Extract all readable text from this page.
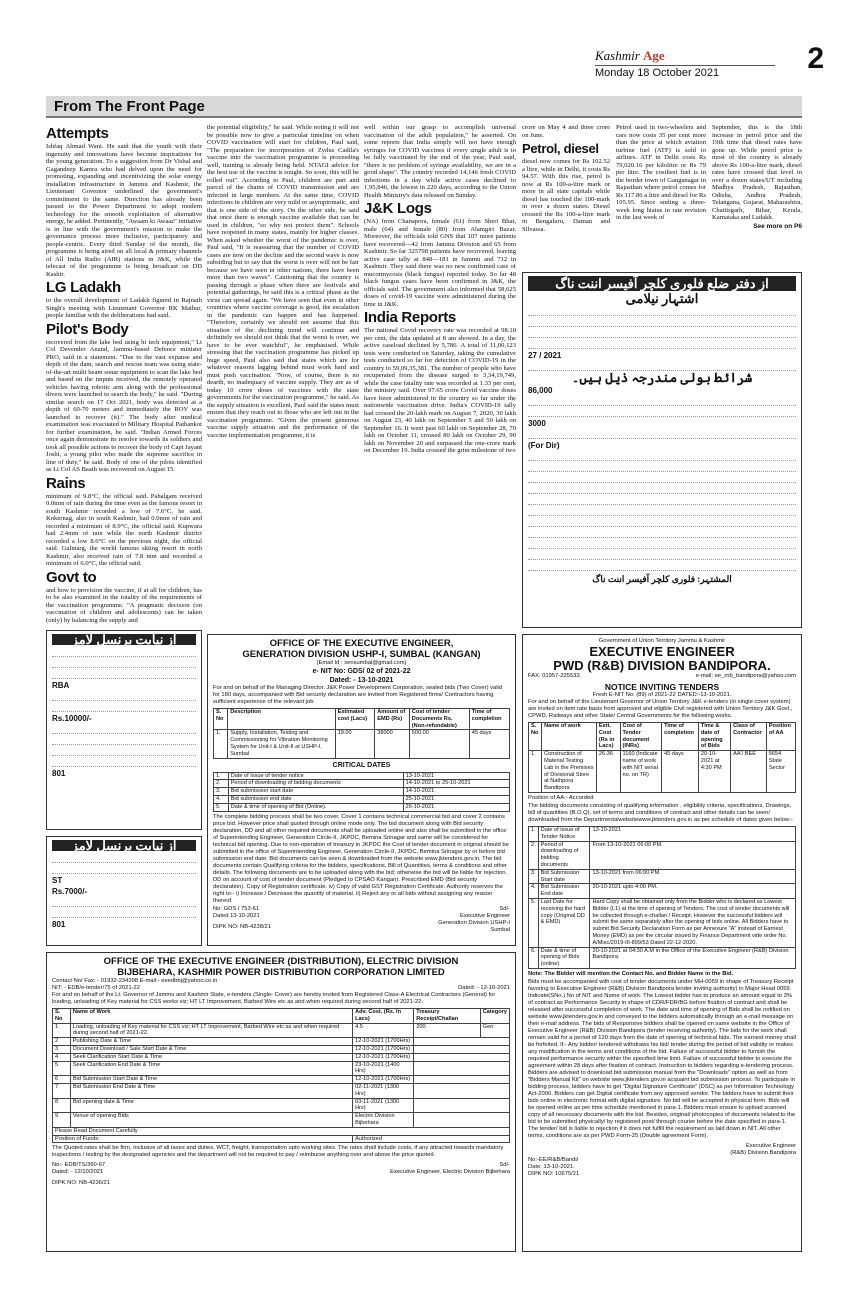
Kashmir Age
Monday 18 October 2021	2
From The Front Page
Attempts

Ishfaq Ahmad Wani. He said that the youth with their ingenuity and innovations have become inspirations for the young generation. To a suggestion from Dr Vishal and Gagandeep Kamra who had delved upon the need for promoting, expanding and incentivizing the solar energy installation infrastructure in Jammu and Kashmir, the Lieutenant Governor underlined the government's commitment to the same. Direction has already been passed to the Power Department to adopt modern technology for the smooth exploitation of alternative energy, he added. Pertinently, "Awaam ki Awaaz" initiative is in line with the government's mission to make the governance process more inclusive, participatory and people-centric. Every third Sunday of the month, the programme is being aired on all local & primary channels of All India Radio (AIR) stations in J&K, while the telecast of the programme is being broadcast on DD Kashir.

LG Ladakh

to the overall development of Ladakh figured in Rajnath Singh's meeting with Lieutenant Governor RK Mathur, people familiar with the deliberations had said.

Pilot's Body

recovered from the lake bed using hi tech equipment," Lt Col Devender Anand, Jammu-based Defence minister PRO, said in a statement. "Due to the vast expanse and depth of the dam, search and rescue team was using state-of-the-art multi beam sonar equipment to scan the lake bed and based on the imputs received, the remotely operated vehicles having robotic arm along with the professional divers were launched to search the body," he said. "During similar search on 17 Oct 2021, body was detected at a depth of 60-70 meters and immediately the ROV was launched to recover (it)." The body after medical examination was evacuated to Military Hospital Pathankot for further examination, he said. "Indian Armed Forces once again demonstrate its resolve towards its soldiers and took all possible actions to recover the body of Capt Jayant Joshi, a young pilot who made the supreme sacrifice in line of duty," he said. Body of one of the pilots identified as Lt Col AS Baath was recovered on August 15.

Rains

minimum of 9.8°C, the official said. Pahalgam received 0.0mm of rain during the time even as the famous resort in south Kashmir recorded a low of 7.6°C, he said. Kokernag, also in south Kashmir, had 0.0mm of rain and recorded a minimum of 8.9°C, the official said. Kupwara had 2.4mm of rain while the north Kashmir district recorded a low 8.6°C on the previous night, the official said. Gulmarg, the world famous skiing resort in north Kashmir, also received rain of 7.8 mm and recorded a minimum of 6.0°C, the official said.

Govt to

and how to provision the vaccine, if at all for children, has to be also examined in the totality of the requirements of the vaccination programme. "A pragmatic decision (on vaccination of children and adolescents) can be taken (only) by balancing the supply and

the potential eligibility," he said. While noting it will not be possible now to give a particular timeline on when COVID vaccination will start for children, Paul said, "The preparation for incorporation of Zydus Cadila's vaccine into the vaccination programme is proceeding well, training is already being held. NTAGI advice for the best use of the vaccine is sought. So soon, this will be rolled out". According to Paul, children are part and parcel of the chains of COVID transmission and are infected in large numbers. At the same time, COVID infections in children are very mild or asymptomatic, and that is one side of the story. On the other side, he said that once there is enough vaccine available that can be used in children, "so why not protect them". Schools have reopened in many states, mainly for higher classes. When asked whether the worst of the pandemic is over, Paul said, "It is reassuring that the number of COVID cases are now on the decline and the second wave is now subsiding but to say that the worst is over will not be fair because we have seen in other nations, there have been more than two waves". Cautioning that the country is passing through a phase when there are festivals and potential gatherings, he said this is a critical phase as the virus can spread again. "We have seen that even in other countries where vaccine coverage is good, the escalation in the pandemic can happen and has happened. "Therefore, certainly we should not assume that this situation of the declining trend will continue and definitely we should not think that the worst is over, we have to be ever watchful", he emphasised. While stressing that the vaccination programme has picked up huge speed, Paul also said that states which are for whatever reasons lagging behind must work hard and must push vaccination. "Now, of course, there is no dearth, no inadequacy of vaccine supply. They are as of today 10 crore doses of vaccines with the state governments for the vaccination programme," he said. As the supply situation is excellent, Paul said the states must ensure that they reach out to those who are left out in the vaccination programme. "Given the present generous vaccine supply situation and the performance of the vaccine implementation programme, it is

well within our grasp to accomplish universal vaccination of the adult population," he asserted. On some reports that India simply will not have enough syringes for COVID vaccines if every single adult is to be fully vaccinated by the end of the year, Paul said, "there is no problem of syringe availability, we are in a good shape". The country recorded 14,146 fresh COVID infections in a day while active cases declined to 1,95,846, the lowest in 220 days, according to the Union Health Ministry's data released on Sunday.

J&K Logs

(NA) from Chanapora, female (61) from Sheri Bhat, male (64) and female (80) from Alamgiri Bazar. Moreover, the officials told GNS that 107 more patients have recovered—42 from Jammu Division and 65 from Kashmir. So far 325798 patients have recovered, leaving active case tally at 848—181 in Jammu and 712 in Kashmir. They said there was no new confirmed case of mucormycosis (black fungus) reported today. So far 48 black fungus cases have been confirmed in J&K, the officials said. The government also informed that 58,625 doses of covid-19 vaccine were administered during the time in J&K.

India Reports

The national Covid recovery rate was recorded at 98.10 per cent, the data updated at 8 am showed. In a day, the active caseload declined by 5,786. A total of 11,00,123 tests were conducted on Saturday, taking the cumulative tests conducted so far for detection of COVID-19 in the country to 59,09,35,381. The number of people who have recuperated from the disease surged to 3,34,19,749, while the case fatality rate was recorded at 1.33 per cent, the ministry said. Over 97.65 crore Covid vaccine doses have been administered in the country so far under the nationwide vaccination drive. India's COVID-19 tally had crossed the 20-lakh mark on August 7, 2020, 30 lakh on August 23, 40 lakh on September 5 and 50 lakh on September 16. It went past 60 lakh on September 28, 70 lakh on October 11, crossed 80 lakh on October 29, 90 lakh on November 20 and surpassed the one-crore mark on December 19. India crossed the grim milestone of two

crore on May 4 and three crore on June.

Petrol, diesel

diesel now comes for Rs 102.52 a litre, while in Delhi, it costs Rs 94.57. With this rise, petrol is now at Rs 100-a-litre mark or more in all state capitals while diesel has touched the 100-mark in over a dozen states. Diesel crossed the Rs 100-a-litre mark in Bengaluru, Daman and Silvassa.

Petrol used in two-wheelers and cars now costs 35 per cent more than the price at which aviation turbine fuel (ATF) is sold to airlines. ATF in Delhi costs Rs 79,020.16 per kilolitre or Rs 79 per litre. The costliest fuel is in the border town of Ganganagar in Rajasthan where petrol comes for Rs 117.86 a litre and diesel for Rs 105.95. Since ending a three-week long hiatus in rate revision in the last week of

September, this is the 18th increase in petrol price and the 19th time that diesel rates have gone up. While petrol price is most of the country is already above Rs 100-a-litre mark, diesel rates have crossed that level in over a dozen states/UT including Madhya Pradesh, Rajasthan, Odisha, Andhra Pradesh, Telangana, Gujarat, Maharashtra, Chattisgarh, Bihar, Kerala, Karnataka and Ladakh.

See more on P6
از دفتر ضلع فلوری کلچر آفیسر اننت ناگ
اشتہار نیلامی
27 / 2021
شرائط بولی مندرجہ ذیل ہیں۔
86,000
3000
(For Dir)
المشتہر: فلوری کلچر آفیسر اننت ناگ
از نیابت برنسل لامز
RBA
Rs.10000/-
801
از نیابت برنسل لامز
ST
Rs.7000/-
801
OFFICE OF THE EXECUTIVE ENGINEER,
GENERATION DIVISION USHP-I, SUMBAL (KANGAN)
(Email Id : xensumbal@gmail.com)
e- NIT No: GDS/ 02 of 2021-22
Dated: - 13-10-2021

For and on behalf of the Managing Director, J&K Power Development Corporation, sealed bids (Two Cover) valid for 180 days, accompanied with Bid security declaration are invited from Registered firms/ Contractors having sufficient experience of the relevant job

S. No	Description	Estimated cost (Lacs)	Amount of EMD (Rs)	Cost of tender Documents Rs. (Non-refundable)	Time of completion
1.	Supply, Installation, Testing and Commissioning for Vibration Monitoring System for Unit-I & Unit-II at USHP-I, Sumbal	19.00	38000	500.00	45 days
CRITICAL DATES
1.	Date of Issue of tender notice	13-10-2021
2.	Period of downloading of bidding documents	14-10-2021 to 25-10-2021
3.	Bid submission start date	14-10-2021
4.	Bid submission end date	25-10-2021
5.	Date & time of opening of Bid (Online).	26-10-2021

The complete bidding process shall be two cover, Cover 1 contains technical commercial bid and cover 2 contains price bid. However price shall quoted through online mode only. The bid document along with Bid security declaration, DD and all other required documents shall be uploaded online and also shall be submitted in the office of Superintending Engineer, Generation Circle-II, JKPDC, Bemina Srinagar and same will be considered for technical bid opening. Due to non-operation of treasury in JKPDC the Cost of tender document in original should be submitted in the office of Superintending Engineer, Generation Circle-II, JKPDC, Bemina Srinagar by or before bid submission end date. Bid documents can be seen & downloaded from the website www.jktenders.gov.in. The bid documents contain Qualifying criteria for the bidders, specifications, Bill of Quantities, terms & conditions and other details. The following documents are to be uploaded along with the bid; otherwise the bid will be liable for rejection. DD on account of cost of tender document (Pledged to CPSAO Kangan). Prescribed EMD (Bid security declaration). Copy of Registration certificate. iv) Copy of valid GST Registration Certificate. Authority reserves the right to:- i) Increase / Decrease the quantity of material. ii) Reject any or all bids without assigning any reason thereof.

No: GDS / 753-61
Dated 13-10-2021
DIPK NO: NB-4238/21
Sd/-
Executive Engineer
Generation Division USHP-I
Sumbal
Government of Union Territory Jammu & Kashmir
EXECUTIVE ENGINEER
PWD (R&B) DIVISION BANDIPORA.
FAX: 01957-225533.	e-mail: ee_rnb_bandipora@yahoo.com
NOTICE INVITING TENDERS
Fresh E-NIT No: (89) of 2021-22 DATED:-13-10-2021.

For and on behalf of the Lieutenant Governor of Union Territory J&K e-tenders (in single cover system) are invited on item rate basis from approved and eligible Civil registered with Union Territory J&K Govt., CPWD, Railways and other State/ Central Governments for the following works.

S. No	Name of work	Estt. Cost (Rs in Lacs)	Cost of Tender document (INRs)	Time of completion	Time & date of opening of Bids	Class of Contractor	Position of AA
1	Construction of Material Testing Lab in the Premises of Divisional Store at Nathpora Bandipora	26.36	1160 (Indicate name of work with NIT serial no. on TR)	45 days	20-10-2021 at 4:30 PM	AA'/ BEE	5654 State Sector

Position of AA:- Accorded

The bidding documents consisting of qualifying information , eligibility criteria, specifications, Drawings, bill of quantities (B.O.Q), set of terms and conditions of contract and other details can be seen/ downloaded from the Departmentalwebsitewww.jktenders.gov.in as per schedule of dates given below:-

1.	Date of issue of Tender Notice	13-10-2021
2.	Period of downloading of bidding documents	From 13-10-2021 06:00 PM.
3.	Bid Submission Start date	13-10-2021 from 06:00 PM.
4.	Bid Submission End date	20-10-2021 upto 4:00 PM.
5.	Last Date for receiving the hard copy (Original DD & EMD)	Hard Copy shall be obtained only from the Bidder who is declared as Lowest Bidder (L1) at the time of opening of Tenders. The cost of tender documents will be collected through e-challan / Receipt. However the successful bidders will submit the same separately after the opening of bids online. All Bidders have to submit Bid Security Declaration Form as per Annexure "A" instead of Earnest Money (EMD) as per the circular issued by Finance Department vide order No. A/Misc/2019-III-899/53 Dated 22-12-2020.
6.	Date & time of opening of Bids (online)	20-10-2021 at 04:30 A.M in the Office of the Executive Engineer (R&B) Division Bandipora.

Note: The Bidder will mention the Contact No. and Bidder Name in the Bid.

Bids must be accompanied with cost of tender documents under MH-0059 in shape of Treasury Receipt favoring to Executive Engineer (R&B) Division Bandipora tender inviting authority) in Major Head 0059. Indicate(SNo.) No of NIT and Name of work. The Lowest bidder has to produce an amount equal to 3% of contract as Performance Security in shape of CDR/FDR/BG before fixation of contract and shall be released after successful completion of work. The date and time of opening of Bids shall be notified on website www.jktenders.gov.in and conveyed to the bidders automatically through an e-mail message on their e-mail address. The bids of Responsive bidders shall be opened on same website in the Office of Executive Engineer (R&B) Division Bandipora (tender receiving authority). The bids for the work shall remain valid for a period of 120 days from the date of opening of technical bids. The earnest money shall be forfeited, if:- Any bidder/ tendered withdraws his bid/ tender during the period of bid validity or makes any modification in the terms and conditions of the bid. Failure of successful bidder to furnish the required performance security within the specified time limit. Failure of successful bidder to execute the agreement within 28 days after fixation of contract. Instruction to bidders regarding e-tendering process. Bidders are advised to download bid submission manual from the "Downloads" option as well as from "Bidders Manual Kit" on website www.jktenders.gov.in acquaint bid submission process. To participate in bidding process, bidders have to get "Digital Signature Certificate" (DSC) as per Information Technology Act-2000. Bidders can get Digital certificate from any approved vendor. The bidders have to submit their bids online in electronic format with digital signature. No bid will be accepted in physical form. Bids will be opened online as per time schedule mentioned in para-1. Bidders must ensure to upload scanned copy of all necessary documents with the bid. Besides, original/ photocopies of documents related to the bid to be submitted physically/ by registered post/ through courier before the date specified in para-1. The tender/ bid is liable to rejection if it does not fulfill the requirement as laid down in NIT. All other terms, conditions are as per PWD Form-25 (Double agreement Form).

Executive Engineer
(R&B) Division Bandipora
No:-EE/R&B/Bandi/
Date: 13-10-2021.
DIPK NO: 10675/21
OFFICE OF THE EXECUTIVE ENGINEER (DISTRIBUTION), ELECTRIC DIVISION
BIJBEHARA, KASHMIR POWER DISTRIBUTION CORPORATION LIMITED
Contact No/ Fax: - 01932-234398 E-mail:- eeedbbj@yahoo.co.in
NIT: - EDB/e-tender/75 of 2021-22	Dated: - 12-10-2021

For and on behalf of the Lt. Governor of Jammu and Kashmir State, e-tenders (Single- Cover) are hereby invited from Registered Class-A Electrical Contractors (General) for loading, unloading of Key material for CSS works viz; HT LT Improvement, Barbed Wire etc as and when required during second half of 2021-22.

S. No	Name of Work	Adv. Cost. (Rs. In Lacs)	Treasury Receipt/Challan	Category
1	Loading, unloading of Key material for CSS viz; HT LT Improvement, Barbed Wire etc as and when required during second half of 2021-22.	4.5	200	Gen
2	Publishing Date & Time	12-10-2021 (1700Hrs)		
3	Document Download / Sale Start Date & Time	12-10-2021 (1700Hrs)		
4	Seek Clarification Start Date & Time	12-10-2021 (1700Hrs)		
5	Seek Clarification End Date & Time	23-10-2021 (1400 Hrs)		
6	Bid Submission Start Date & Time	12-10-2021 (1700Hrs)		
7	Bid Submission End Date & Time	02-11-2021 (1300 Hrs)		
8	Bid opening date & Time	03-11-2021 (1300 Hrs)		
9	Venue of opening Bids	Electric Division Bijbehara		
Please Read Document Carefully				
Position of Funds:		Authorized		

The Quoted rates shall be firm, inclusive of all taxes and duties, WCT, freight, transportation upto working sites. The rates shall include costs, if any attracted towards mandatory inspections / testing by the designated agencies and the department will not be required to pay / reimburse anything over and above the price quoted.

No:- EDB/TS/360-67
Dated: - 12/10/2021
DIPK NO: NB-4236/21
Sd/-
Executive Engineer, Electric Division Bijbehara
